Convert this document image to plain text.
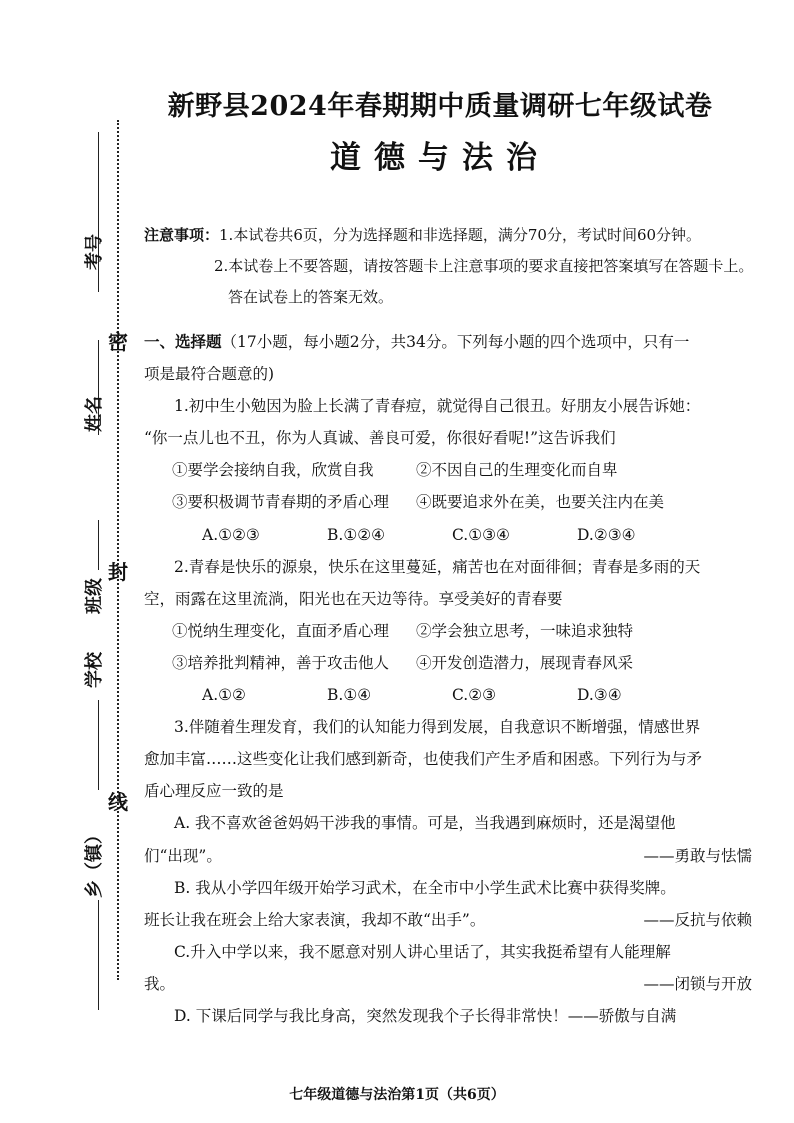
考号
姓名
班级
学校
乡（镇）
密
封
线
新野县2024年春期期中质量调研七年级试卷
道德与法治
注意事项：1.本试卷共6页，分为选择题和非选择题，满分70分，考试时间60分钟。
2.本试卷上不要答题，请按答题卡上注意事项的要求直接把答案填写在答题卡上。
答在试卷上的答案无效。

一、选择题（17小题，每小题2分，共34分。下列每小题的四个选项中，只有一

项是最符合题意的)

1.初中生小勉因为脸上长满了青春痘，就觉得自己很丑。好朋友小展告诉她：

“你一点儿也不丑，你为人真诚、善良可爱，你很好看呢!”这告诉我们

①要学会接纳自我，欣赏自我	②不因自己的生理变化而自卑
③要积极调节青春期的矛盾心理	④既要追求外在美，也要关注内在美
A.①②③	B.①②④	C.①③④	D.②③④

2.青春是快乐的源泉，快乐在这里蔓延，痛苦也在对面徘徊；青春是多雨的天

空，雨露在这里流淌，阳光也在天边等待。享受美好的青春要

①悦纳生理变化，直面矛盾心理	②学会独立思考，一味追求独特
③培养批判精神，善于攻击他人	④开发创造潜力，展现青春风采
A.①②	B.①④	C.②③	D.③④

3.伴随着生理发育，我们的认知能力得到发展，自我意识不断增强，情感世界

愈加丰富……这些变化让我们感到新奇，也使我们产生矛盾和困惑。下列行为与矛

盾心理反应一致的是

A. 我不喜欢爸爸妈妈干涉我的事情。可是，当我遇到麻烦时，还是渴望他

们“出现”。	——勇敢与怯懦

B. 我从小学四年级开始学习武术，在全市中小学生武术比赛中获得奖牌。

班长让我在班会上给大家表演，我却不敢“出手”。	——反抗与依赖

C.升入中学以来，我不愿意对别人讲心里话了，其实我挺希望有人能理解

我。	——闭锁与开放

D. 下课后同学与我比身高，突然发现我个子长得非常快！——骄傲与自满

七年级道德与法治第1页（共6页）
